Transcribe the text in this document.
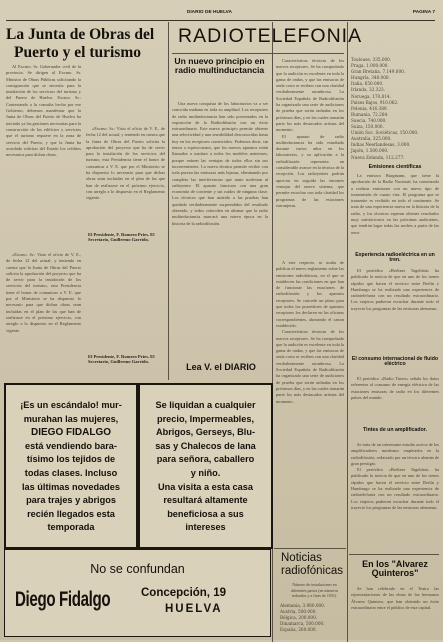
DIARIO DE HUELVA	PAGINA 7
La Junta de Obras del
Puerto y el turismo

Al Excmo. Sr. Gobernador civil de la provincia. Se dirigen al Excmo. Sr. Ministro de Obras Públicas solicitando la consignación que se necesita para la instalación de los servicios del turismo y del Puerto de Huelva. Excmo. Sr.: Contestando a la consulta hecha por ese Gobierno, debemos manifestar que la Junta de Obras del Puerto de Huelva ha iniciado ya las gestiones necesarias para la construcción de los edificios y servicios que el turismo requiere en la zona de servicio del Puerto, y que la Junta ha acordado solicitar del Estado los créditos necesarios para dichas obras.

El Presidente, F. Romero Pries. El Secretario, Guillermo Garrido.

«Excmo. Sr.: Visto el oficio de V. E., de fecha 12 del actual, y teniendo en cuenta que la Junta de Obras del Puerto solicita la aprobación del proyecto que ha de servir para la instalación de los servicios del turismo, esta Presidencia tiene el honor de comunicar a V. E. que por el Ministerio se ha dispuesto lo necesario para que dichas obras sean incluidas en el plan de las que han de realizarse en el próximo ejercicio, con arreglo a lo dispuesto en el Reglamento vigente.

«Excmo. Sr.: Visto el oficio de V. E., de fecha 12 del actual, y teniendo en cuenta que la Junta de Obras del Puerto solicita la aprobación del proyecto que ha de servir para la instalación de los servicios del turismo, esta Presidencia tiene el honor de comunicar a V. E. que por el Ministerio se ha dispuesto lo necesario para que dichas obras sean incluidas en el plan de las que han de realizarse en el próximo ejercicio, con arreglo a lo dispuesto en el Reglamento vigente.

El Presidente, F. Romero Pries. El Secretario, Guillermo Garrido.
RADIOTELEFONIA
Un nuevo principio en radio multinductancia

Una nueva conquista de los laboratorios va a ser conocida mañana en toda su amplitud. Los receptores de radio multinductancia han sido presentados en la exposición de la Radiodifusión con un éxito extraordinario. Este nuevo principio permite obtener una selectividad y una sensibilidad desconocidas hasta hoy en los receptores comerciales. Podemos decir, sin temor a equivocarnos, que los nuevos aparatos están llamados a sustituir a todos los modelos anteriores, porque reúnen las ventajas de todos ellos sin sus inconvenientes. La nueva técnica permite recibir con toda pureza las emisoras más lejanas, eliminando por completo las interferencias que tanto molestan al radioyente. El aparato funciona con una gran economía de corriente y sin ruidos de ninguna clase. Los técnicos que han asistido a las pruebas han quedado verdaderamente sorprendidos del resultado obtenido, y todos coinciden en afirmar que la radio multinductancia marcará una nueva época en la historia de la radiodifusión.

Lea V. el DIARIO

Características técnicas de los nuevos receptores. Se ha comprobado que la audición es excelente en toda la gama de ondas, y que las emisoras de onda corta se reciben con una claridad verdaderamente asombrosa. La Sociedad Española de Radiodifusión ha organizado una serie de audiciones de prueba que serán radiadas en los próximos días, y en las cuales tomarán parte los más destacados artistas del momento.

El aparato de radio multinductancia ha sido estudiado durante varios años en los laboratorios, y su aplicación a la radiodifusión representa un considerable avance en la técnica de la recepción. Los radioyentes podrán apreciar en seguida las enormes ventajas del nuevo sistema, que permite escuchar con toda claridad los programas de las estaciones extranjeras.

A este respecto, se acaba de publicar el nuevo reglamento sobre las emisiones radiofónicas, en el que se establecen las condiciones en que han de funcionar las estaciones de radiodifusión y los aparatos receptores. Se concede un plazo para que todos los poseedores de aparatos receptores los declaren en las oficinas correspondientes, abonando el canon establecido.

Características técnicas de los nuevos receptores. Se ha comprobado que la audición es excelente en toda la gama de ondas, y que las emisoras de onda corta se reciben con una claridad verdaderamente asombrosa. La Sociedad Española de Radiodifusión ha organizado una serie de audiciones de prueba que serán radiadas en los próximos días, y en las cuales tomarán parte los más destacados artistas del momento.

Toulouse, 335,000.
Praga, 1.000,000.
Gran Bretaña, 7.149.000.
Hungría, 348.000.
Italia, 650.000.
Irlanda, 32.323.
Noruega, 170.814.
Países Bajos, 910.062.
Polonia, 416.389.
Rumania, 72.284.
Suecia, 740.000.
Suiza, 150.000.
Unión Soc. Soviéticas, 150.000.
Australia, 325.000.
Indias Neerlandesas, 3.000.
Japón, 1.500.000.
Nueva Zelanda, 112.277.
Emisiones científicas

La emisora Burgmann, que tiene la aprobación de la Radio Nacional, ha comenzado a realizar emisiones con un nuevo tipo de transmisión de cuatro vías. El programa que se transmite es recibido en todo el continente. Se trata de una experiencia nueva en la historia de la radio, y los técnicos esperan obtener resultados muy satisfactorios en las próximas audiciones, que tendrán lugar todas las noches a partir de las once.

Experiencia radioeléctrica en un tren.

El periódico «Berliner Tageblatt» ha publicado la noticia de que en uno de los trenes rápidos que hacen el servicio entre Berlín y Hamburgo se ha realizado una experiencia de radiotelefonía con un resultado extraordinario. Los viajeros pudieron escuchar durante todo el trayecto los programas de las emisoras alemanas.

El consumo internacional de fluido eléctrico

El periódico «Radio Times» señala los datos referentes al consumo de energía eléctrica de las estaciones emisoras de radio en los diferentes países del mundo.

Tintes de un amplificador.

Se trata de un interesante estudio acerca de los amplificadores modernos empleados en la radiodifusión, redactado por un técnico alemán de gran prestigio.

El periódico «Berliner Tageblatt» ha publicado la noticia de que en uno de los trenes rápidos que hacen el servicio entre Berlín y Hamburgo se ha realizado una experiencia de radiotelefonía con un resultado extraordinario. Los viajeros pudieron escuchar durante todo el trayecto los programas de las emisoras alemanas.

¡Es un escándalo! mur-
murahan las mujeres,
DIEGO FIDALGO
está vendiendo bara-
tísimo los tejidos de
todas clases. Incluso
las últimas novedades
para trajes y abrigos
recién llegados esta
temporada
Se liquidan a cualquier
precio, Impermeables,
Abrigos, Gerseys, Blu-
sas y Chalecos de lana
para señora, caballero
y niño.
Una visita a esta casa
resultará altamente
beneficiosa a sus
intereses
No se confundan
Diego Fidalgo	Concepción, 19
HUELVA
Noticias
radiofónicas
Número de instalaciones en diferentes países (en números redondos y a fines de 1931).
Alemania, 3.980.000.
Austria, 500.000.
Bélgica, 200.000.
Dinamarca, 500.000.
España, 260.000.
En los "Alvarez Quinteros"

Se han celebrado en el Teatro las representaciones de las obras de los hermanos Álvarez Quintero, que han obtenido un éxito extraordinario entre el público de esta capital.
